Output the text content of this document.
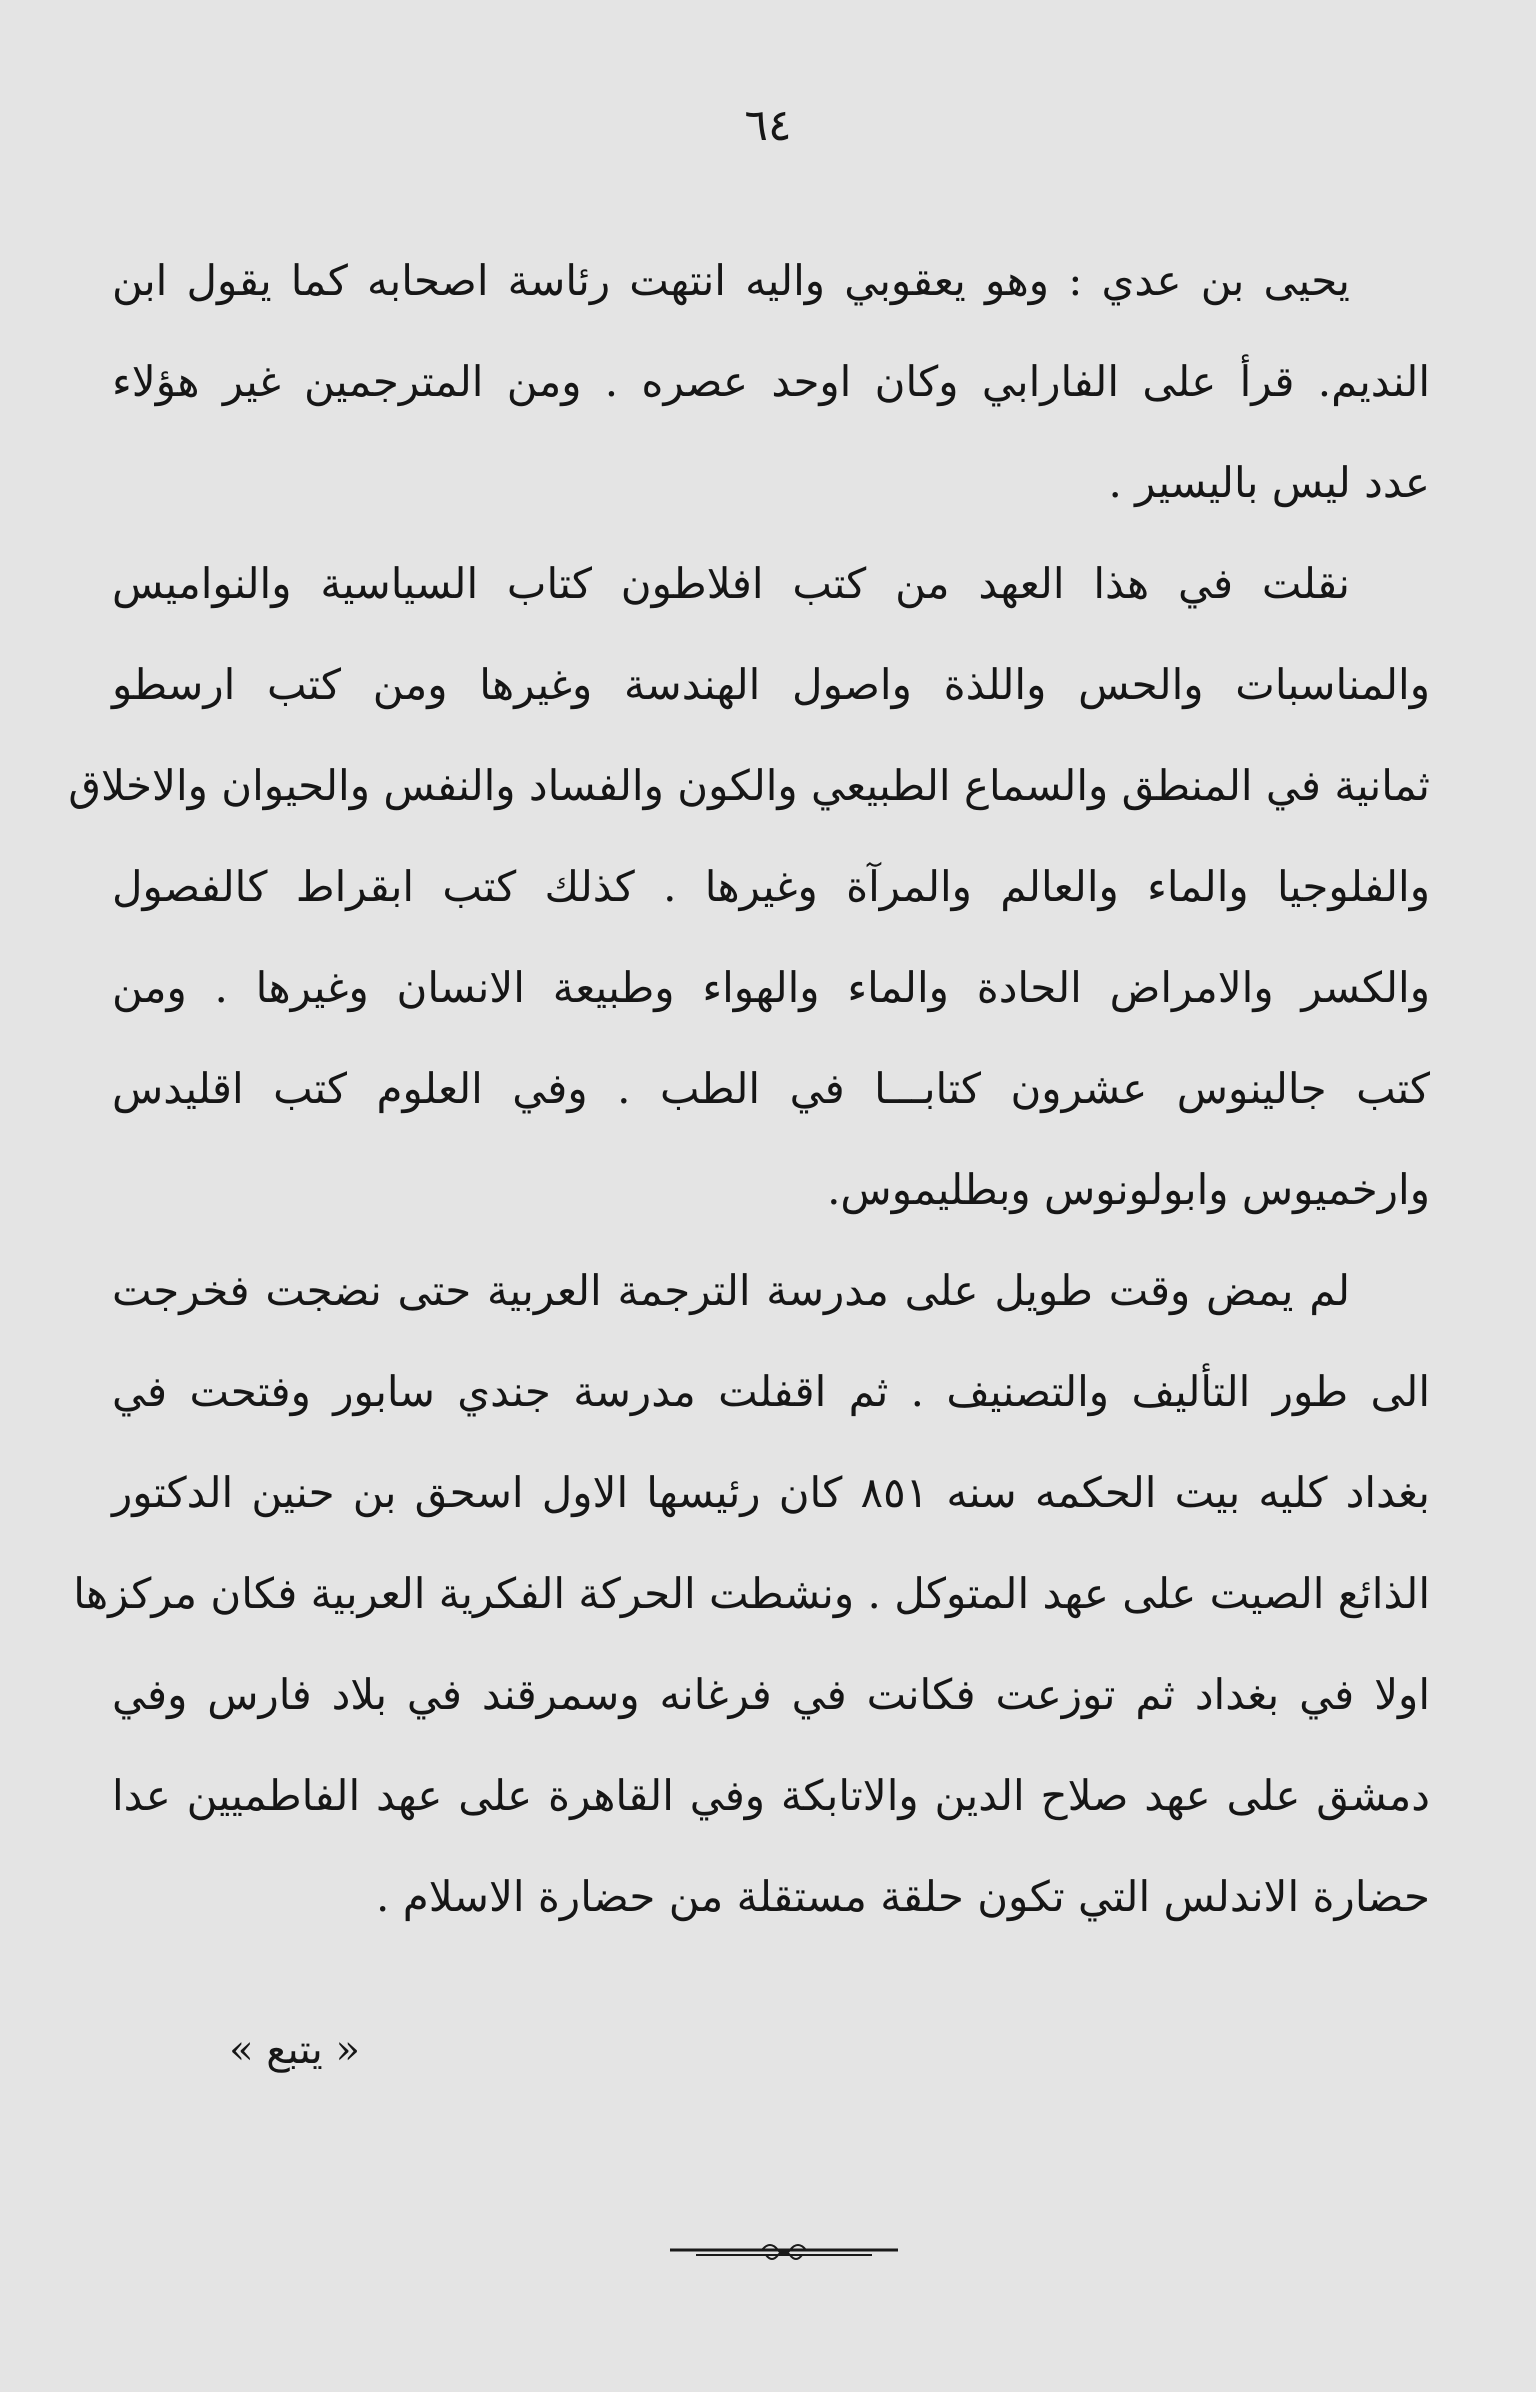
٦٤
يحيى بن عدي : وهو يعقوبي واليه انتهت رئاسة اصحابه كما يقول ابن
النديم. قرأ على الفارابي وكان اوحد عصره . ومن المترجمين غير هؤلاء
عدد ليس باليسير .
نقلت في هذا العهد من كتب افلاطون كتاب السياسية والنواميس
والمناسبات والحس واللذة واصول الهندسة وغيرها ومن كتب ارسطو
ثمانية في المنطق والسماع الطبيعي والكون والفساد والنفس والحيوان والاخلاق
والفلوجيا والماء والعالم والمرآة وغيرها . كذلك كتب ابقراط كالفصول
والكسر والامراض الحادة والماء والهواء وطبيعة الانسان وغيرها . ومن
كتب جالينوس عشرون كتابـــا في الطب . وفي العلوم كتب اقليدس
وارخميوس وابولونوس وبطليموس.
لم يمض وقت طويل على مدرسة الترجمة العربية حتى نضجت فخرجت
الى طور التأليف والتصنيف . ثم اقفلت مدرسة جندي سابور وفتحت في
بغداد كليه بيت الحكمه سنه ٨٥١ كان رئيسها الاول اسحق بن حنين الدكتور
الذائع الصيت على عهد المتوكل . ونشطت الحركة الفكرية العربية فكان مركزها
اولا في بغداد ثم توزعت فكانت في فرغانه وسمرقند في بلاد فارس وفي
دمشق على عهد صلاح الدين والاتابكة وفي القاهرة على عهد الفاطميين عدا
حضارة الاندلس التي تكون حلقة مستقلة من حضارة الاسلام .
« يتبع »
